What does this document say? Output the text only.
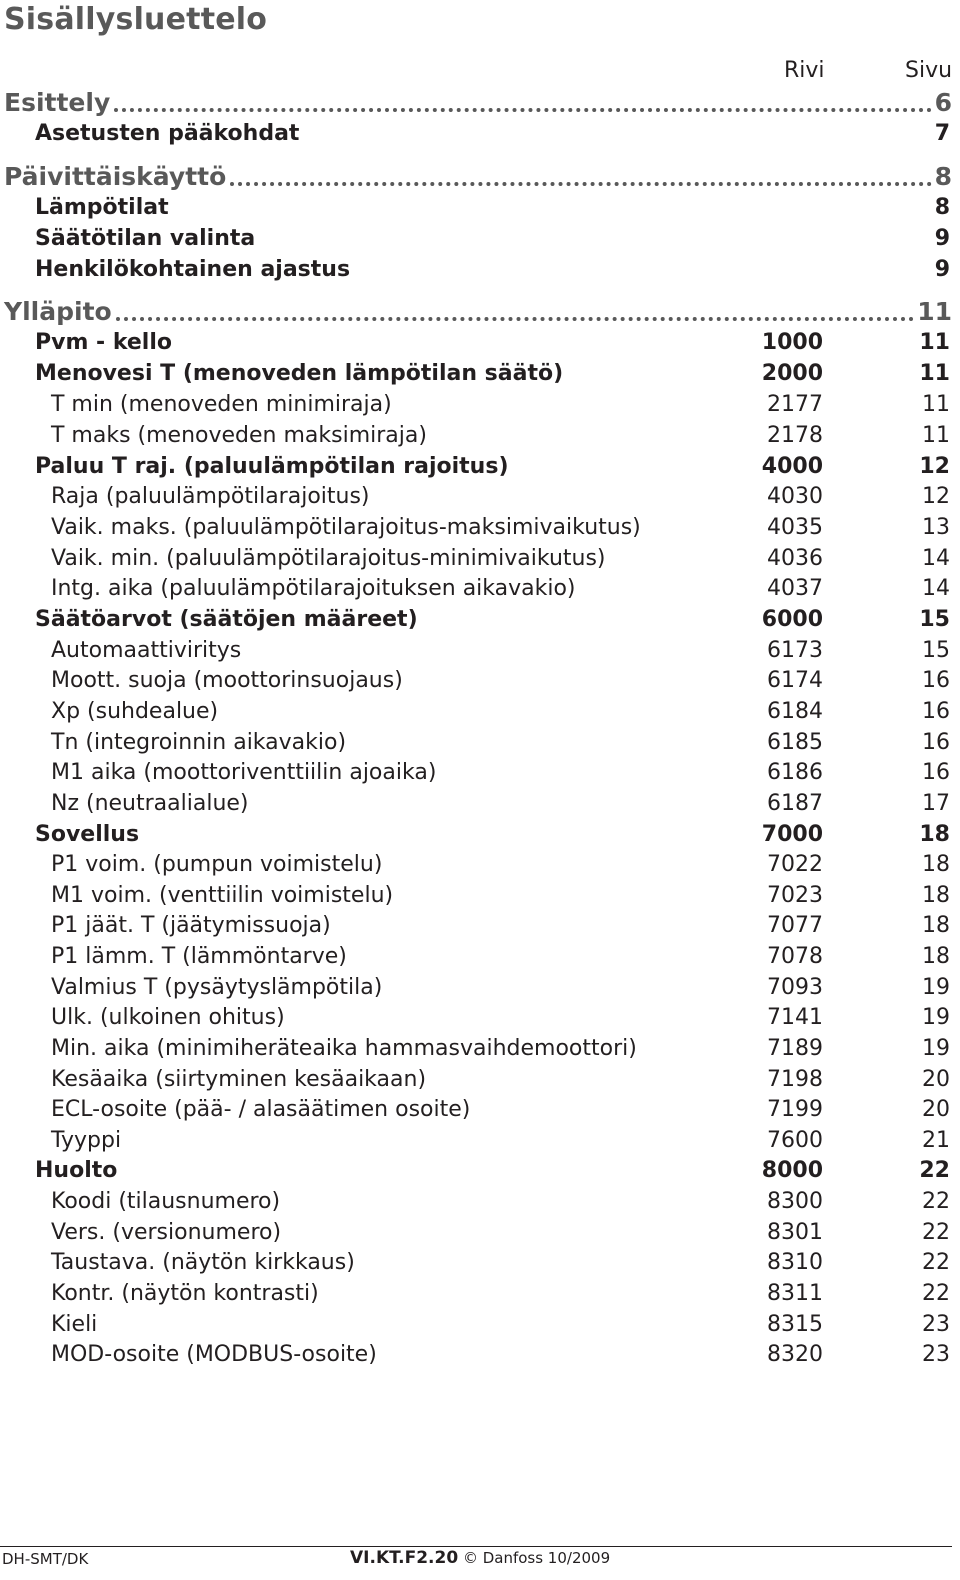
Sisällysluettelo
Rivi	Sivu
Esittely	6
Asetusten pääkohdat	7
Päivittäiskäyttö	8
Lämpötilat	8
Säätötilan valinta	9
Henkilökohtainen ajastus	9
Ylläpito	11
Pvm - kello	1000	11
Menovesi T (menoveden lämpötilan säätö)	2000	11
T min (menoveden minimiraja)	2177	11
T maks (menoveden maksimiraja)	2178	11
Paluu T raj. (paluulämpötilan rajoitus)	4000	12
Raja (paluulämpötilarajoitus)	4030	12
Vaik. maks. (paluulämpötilarajoitus-maksimivaikutus)	4035	13
Vaik. min. (paluulämpötilarajoitus-minimivaikutus)	4036	14
Intg. aika (paluulämpötilarajoituksen aikavakio)	4037	14
Säätöarvot (säätöjen määreet)	6000	15
Automaattiviritys	6173	15
Moott. suoja (moottorinsuojaus)	6174	16
Xp (suhdealue)	6184	16
Tn (integroinnin aikavakio)	6185	16
M1 aika (moottoriventtiilin ajoaika)	6186	16
Nz (neutraalialue)	6187	17
Sovellus	7000	18
P1 voim. (pumpun voimistelu)	7022	18
M1 voim. (venttiilin voimistelu)	7023	18
P1 jäät. T (jäätymissuoja)	7077	18
P1 lämm. T (lämmöntarve)	7078	18
Valmius T (pysäytyslämpötila)	7093	19
Ulk. (ulkoinen ohitus)	7141	19
Min. aika (minimiheräteaika hammasvaihdemoottori)	7189	19
Kesäaika (siirtyminen kesäaikaan)	7198	20
ECL-osoite (pää- / alasäätimen osoite)	7199	20
Tyyppi	7600	21
Huolto	8000	22
Koodi (tilausnumero)	8300	22
Vers. (versionumero)	8301	22
Taustava. (näytön kirkkaus)	8310	22
Kontr. (näytön kontrasti)	8311	22
Kieli	8315	23
MOD-osoite (MODBUS-osoite)	8320	23
DH-SMT/DK	VI.KT.F2.20 © Danfoss 10/2009
